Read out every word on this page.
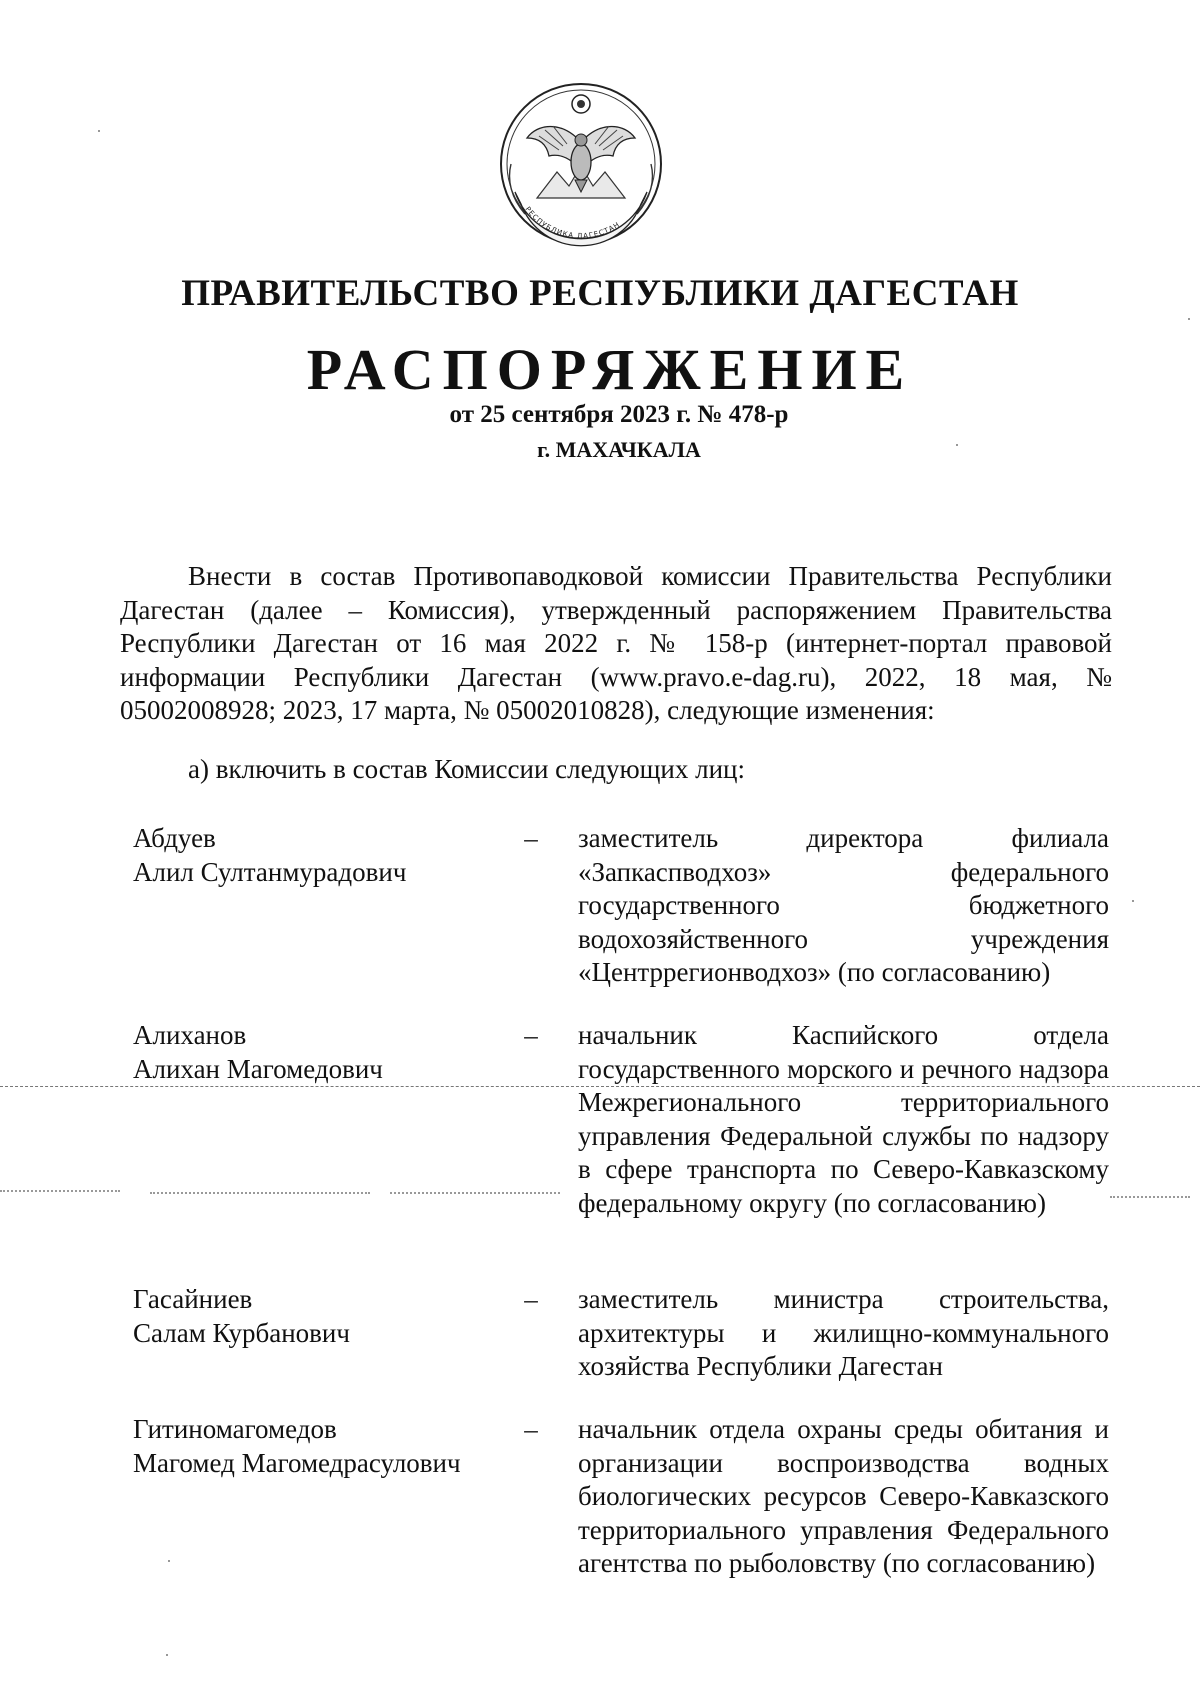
РЕСПУБЛИКА ДАГЕСТАН
ПРАВИТЕЛЬСТВО РЕСПУБЛИКИ ДАГЕСТАН
РАСПОРЯЖЕНИЕ
от 25 сентября 2023 г. № 478-р
г. МАХАЧКАЛА

Внести в состав Противопаводковой комиссии Правительства Республики Дагестан (далее – Комиссия), утвержденный распоряжением Правительства Республики Дагестан от 16 мая 2022 г. № 158-р (интернет-портал правовой информации Республики Дагестан (www.pravo.e-dag.ru), 2022, 18 мая, № 05002008928; 2023, 17 марта, № 05002010828), следующие изменения:

а) включить в состав Комиссии следующих лиц:

Абдуев
Алил Султанмурадович
–	заместитель директора филиала «Запкаспводхоз» федерального государственного бюджетного водохозяйственного учреждения «Центррегионводхоз» (по согласованию)

Алиханов
Алихан Магомедович
–	начальник Каспийского отдела государственного морского и речного надзора Межрегионального территориального управления Федеральной службы по надзору в сфере транспорта по Северо-Кавказскому федеральному округу (по согласованию)

Гасайниев
Салам Курбанович
–	заместитель министра строительства, архитектуры и жилищно-коммунального хозяйства Республики Дагестан

Гитиномагомедов
Магомед Магомедрасулович
–	начальник отдела охраны среды обитания и организации воспроизводства водных биологических ресурсов Северо-Кавказского территориального управления Федерального агентства по рыболовству (по согласованию)
